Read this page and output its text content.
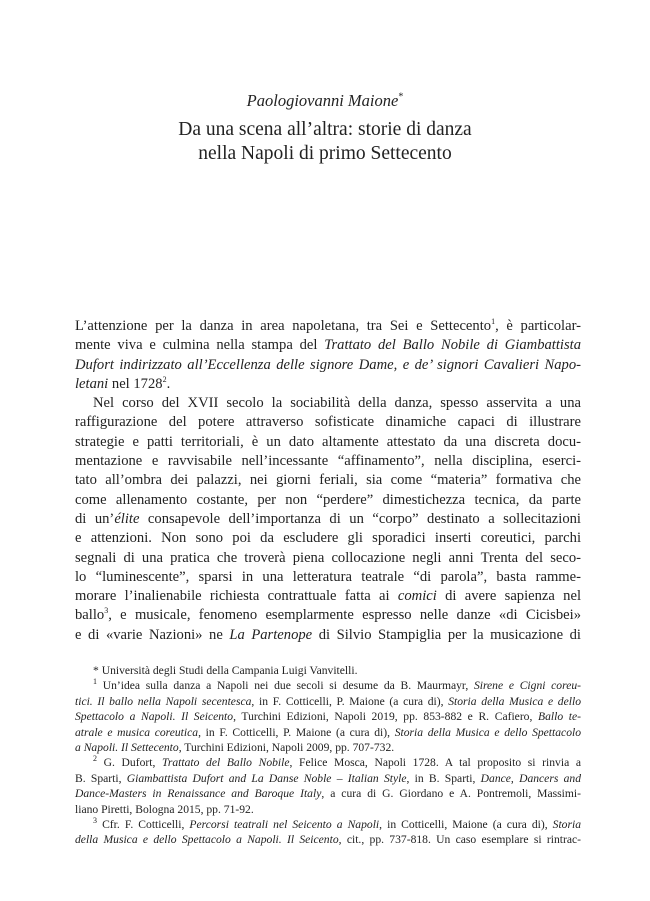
Paologiovanni Maione*

Da una scena all’altra: storie di danza
nella Napoli di primo Settecento
L’attenzione per la danza in area napoletana, tra Sei e Settecento$^1$, è particolar-
mente viva e culmina nella stampa del Trattato del Ballo Nobile di Giambattista
Dufort indirizzato all’Eccellenza delle signore Dame, e de’ signori Cavalieri Napo-
letani nel 1728$^2$.
Nel corso del XVII secolo la sociabilità della danza, spesso asservita a una
raffigurazione del potere attraverso sofisticate dinamiche capaci di illustrare
strategie e patti territoriali, è un dato altamente attestato da una discreta docu-
mentazione e ravvisabile nell’incessante “affinamento”, nella disciplina, eserci-
tato all’ombra dei palazzi, nei giorni feriali, sia come “materia” formativa che
come allenamento costante, per non “perdere” dimestichezza tecnica, da parte
di un’élite consapevole dell’importanza di un “corpo” destinato a sollecitazioni
e attenzioni. Non sono poi da escludere gli sporadici inserti coreutici, parchi
segnali di una pratica che troverà piena collocazione negli anni Trenta del seco-
lo “luminescente”, sparsi in una letteratura teatrale “di parola”, basta ramme-
morare l’inalienabile richiesta contrattuale fatta ai comici di avere sapienza nel
ballo$^3$, e musicale, fenomeno esemplarmente espresso nelle danze «di Cicisbei»
e di «varie Nazioni» ne La Partenope di Silvio Stampiglia per la musicazione di
* Università degli Studi della Campania Luigi Vanvitelli.
$^1$ Un’idea sulla danza a Napoli nei due secoli si desume da B. Maurmayr, Sirene e Cigni coreu-
tici. Il ballo nella Napoli secentesca, in F. Cotticelli, P. Maione (a cura di), Storia della Musica e dello
Spettacolo a Napoli. Il Seicento, Turchini Edizioni, Napoli 2019, pp. 853-882 e R. Cafiero, Ballo te-
atrale e musica coreutica, in F. Cotticelli, P. Maione (a cura di), Storia della Musica e dello Spettacolo
a Napoli. Il Settecento, Turchini Edizioni, Napoli 2009, pp. 707-732.
$^2$ G. Dufort, Trattato del Ballo Nobile, Felice Mosca, Napoli 1728. A tal proposito si rinvia a
B. Sparti, Giambattista Dufort and La Danse Noble – Italian Style, in B. Sparti, Dance, Dancers and
Dance-Masters in Renaissance and Baroque Italy, a cura di G. Giordano e A. Pontremoli, Massimi-
liano Piretti, Bologna 2015, pp. 71-92.
$^3$ Cfr. F. Cotticelli, Percorsi teatrali nel Seicento a Napoli, in Cotticelli, Maione (a cura di), Storia
della Musica e dello Spettacolo a Napoli. Il Seicento, cit., pp. 737-818. Un caso esemplare si rintrac-
